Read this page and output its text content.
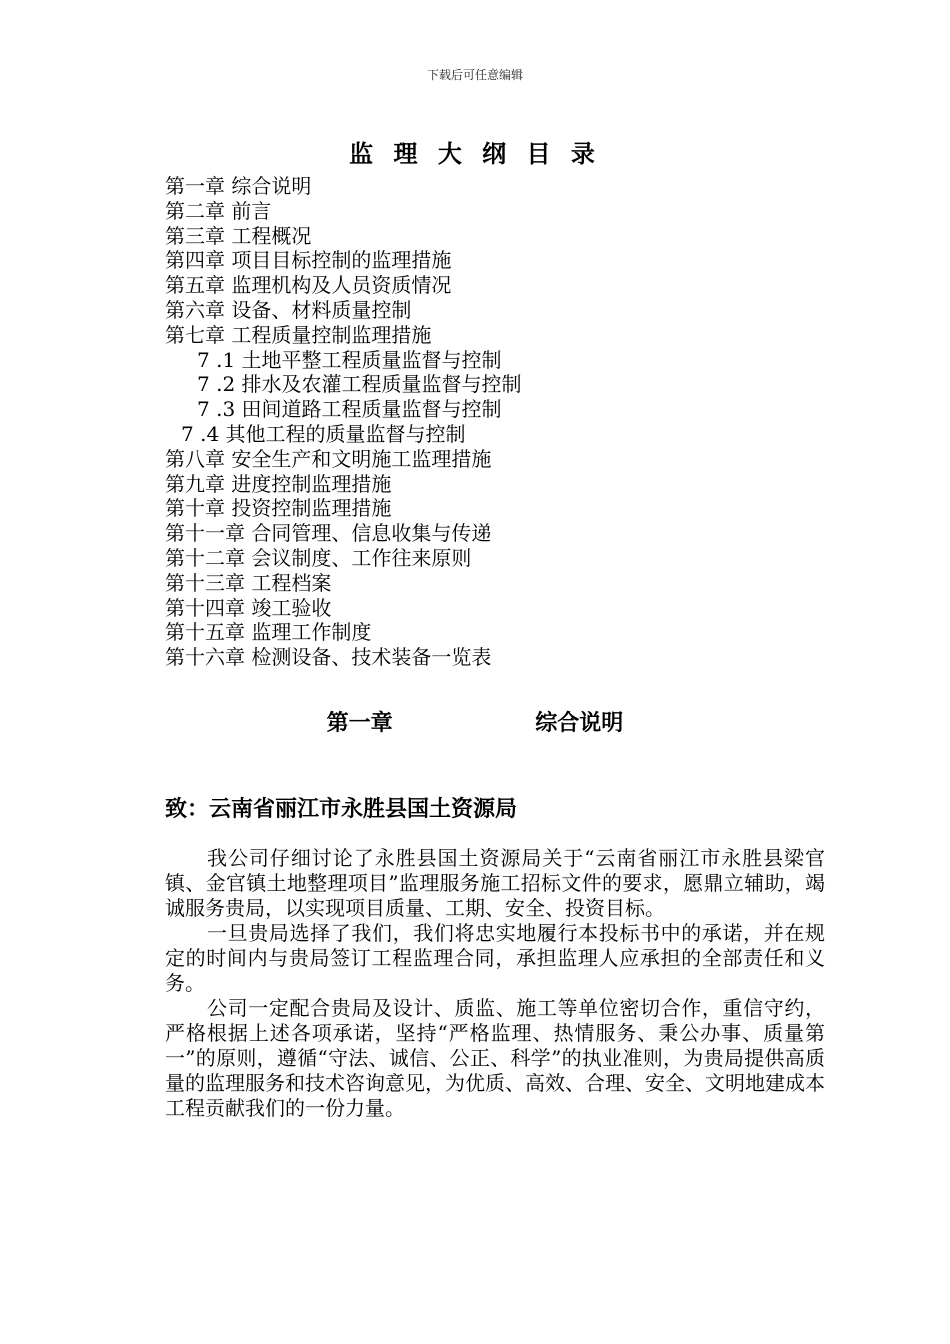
下载后可任意编辑
监 理 大 纲 目 录
第一章 综合说明
第二章 前言
第三章 工程概况
第四章 项目目标控制的监理措施
第五章 监理机构及人员资质情况
第六章 设备、材料质量控制
第七章 工程质量控制监理措施
7 .1 土地平整工程质量监督与控制
7 .2 排水及农灌工程质量监督与控制
7 .3 田间道路工程质量监督与控制
7 .4 其他工程的质量监督与控制
第八章 安全生产和文明施工监理措施
第九章 进度控制监理措施
第十章 投资控制监理措施
第十一章 合同管理、信息收集与传递
第十二章 会议制度、工作往来原则
第十三章 工程档案
第十四章 竣工验收
第十五章 监理工作制度
第十六章 检测设备、技术装备一览表
第一章    综合说明
致：云南省丽江市永胜县国土资源局

我公司仔细讨论了永胜县国土资源局关于“云南省丽江市永胜县梁官镇、金官镇土地整理项目”监理服务施工招标文件的要求，愿鼎立辅助，竭诚服务贵局，以实现项目质量、工期、安全、投资目标。

一旦贵局选择了我们，我们将忠实地履行本投标书中的承诺，并在规定的时间内与贵局签订工程监理合同，承担监理人应承担的全部责任和义务。

公司一定配合贵局及设计、质监、施工等单位密切合作，重信守约，严格根据上述各项承诺，坚持“严格监理、热情服务、秉公办事、质量第一”的原则，遵循“守法、诚信、公正、科学”的执业准则，为贵局提供高质量的监理服务和技术咨询意见，为优质、高效、合理、安全、文明地建成本工程贡献我们的一份力量。
